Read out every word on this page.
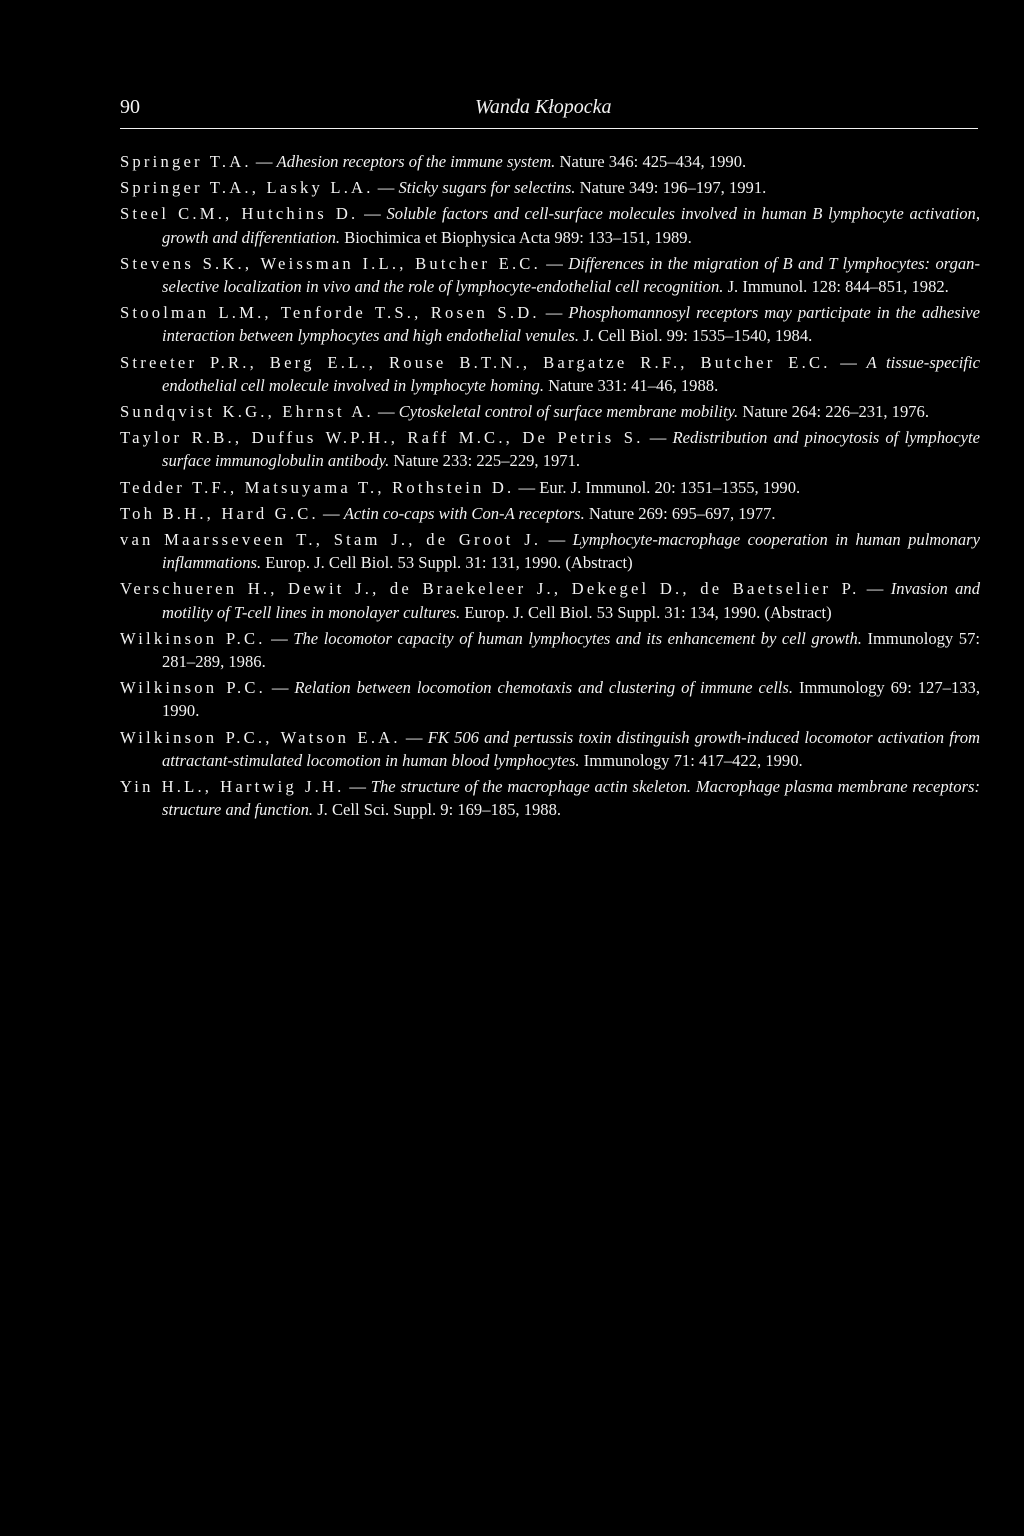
90	Wanda Kłopocka

Springer T.A. — Adhesion receptors of the immune system. Nature 346: 425–434, 1990.

Springer T.A., Lasky L.A. — Sticky sugars for selectins. Nature 349: 196–197, 1991.

Steel C.M., Hutchins D. — Soluble factors and cell-surface molecules involved in human B lymphocyte activation, growth and differentiation. Biochimica et Biophysica Acta 989: 133–151, 1989.

Stevens S.K., Weissman I.L., Butcher E.C. — Differences in the migration of B and T lymphocytes: organ-selective localization in vivo and the role of lymphocyte-endothelial cell recognition. J. Immunol. 128: 844–851, 1982.

Stoolman L.M., Tenforde T.S., Rosen S.D. — Phosphomannosyl receptors may participate in the adhesive interaction between lymphocytes and high endothelial venules. J. Cell Biol. 99: 1535–1540, 1984.

Streeter P.R., Berg E.L., Rouse B.T.N., Bargatze R.F., Butcher E.C. — A tissue-specific endothelial cell molecule involved in lymphocyte homing. Nature 331: 41–46, 1988.

Sundqvist K.G., Ehrnst A. — Cytoskeletal control of surface membrane mobility. Nature 264: 226–231, 1976.

Taylor R.B., Duffus W.P.H., Raff M.C., De Petris S. — Redistribution and pinocytosis of lymphocyte surface immunoglobulin antibody. Nature 233: 225–229, 1971.

Tedder T.F., Matsuyama T., Rothstein D. — Eur. J. Immunol. 20: 1351–1355, 1990.

Toh B.H., Hard G.C. — Actin co-caps with Con-A receptors. Nature 269: 695–697, 1977.

van Maarsseveen T., Stam J., de Groot J. — Lymphocyte-macrophage cooperation in human pulmonary inflammations. Europ. J. Cell Biol. 53 Suppl. 31: 131, 1990. (Abstract)

Verschueren H., Dewit J., de Braekeleer J., Dekegel D., de Baetselier P. — Invasion and motility of T-cell lines in monolayer cultures. Europ. J. Cell Biol. 53 Suppl. 31: 134, 1990. (Abstract)

Wilkinson P.C. — The locomotor capacity of human lymphocytes and its enhancement by cell growth. Immunology 57: 281–289, 1986.

Wilkinson P.C. — Relation between locomotion chemotaxis and clustering of immune cells. Immunology 69: 127–133, 1990.

Wilkinson P.C., Watson E.A. — FK 506 and pertussis toxin distinguish growth-induced locomotor activation from attractant-stimulated locomotion in human blood lymphocytes. Immunology 71: 417–422, 1990.

Yin H.L., Hartwig J.H. — The structure of the macrophage actin skeleton. Macrophage plasma membrane receptors: structure and function. J. Cell Sci. Suppl. 9: 169–185, 1988.
